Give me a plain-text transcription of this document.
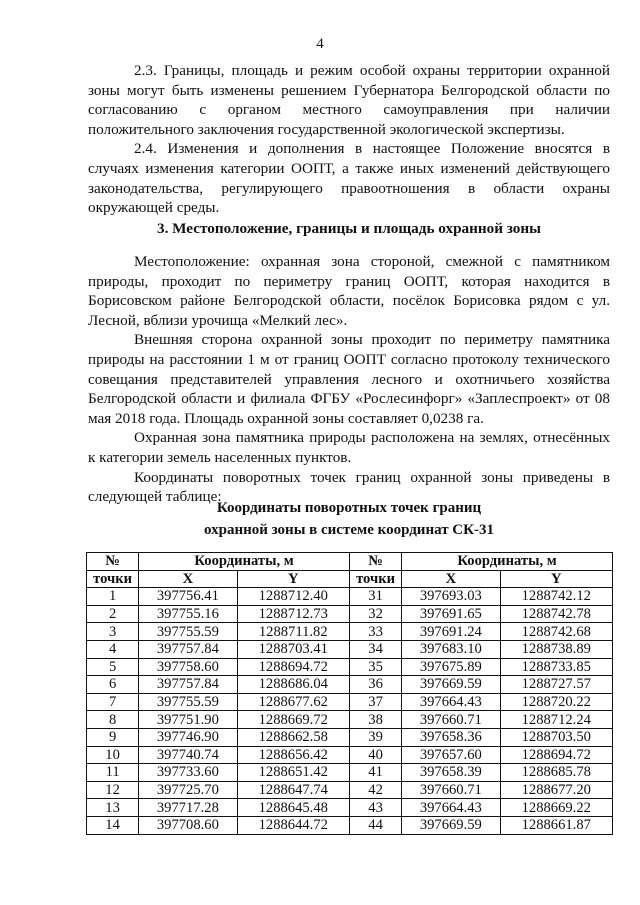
4

2.3. Границы, площадь и режим особой охраны территории охранной зоны могут быть изменены решением Губернатора Белгородской области по согласованию с органом местного самоуправления при наличии положительного заключения государственной экологической экспертизы.

2.4. Изменения и дополнения в настоящее Положение вносятся в случаях изменения категории ООПТ, а также иных изменений действующего законодательства, регулирующего правоотношения в области охраны окружающей среды.

3. Местоположение, границы и площадь охранной зоны

Местоположение: охранная зона стороной, смежной с памятником природы, проходит по периметру границ ООПТ, которая находится в Борисовском районе Белгородской области, посёлок Борисовка рядом с ул. Лесной, вблизи урочища «Мелкий лес».

Внешняя сторона охранной зоны проходит по периметру памятника природы на расстоянии 1 м от границ ООПТ согласно протоколу технического совещания представителей управления лесного и охотничьего хозяйства Белгородской области и филиала ФГБУ «Рослесинфорг» «Заплеспроект» от 08 мая 2018 года. Площадь охранной зоны составляет 0,0238 га.

Охранная зона памятника природы расположена на землях, отнесённых к категории земель населенных пунктов.

Координаты поворотных точек границ охранной зоны приведены в следующей таблице:

Координаты поворотных точек границ
охранной зоны в системе координат СК-31
№	Координаты, м		№	Координаты, м	
точки	X	Y	точки	X	Y
1	397756.41	1288712.40	31	397693.03	1288742.12
2	397755.16	1288712.73	32	397691.65	1288742.78
3	397755.59	1288711.82	33	397691.24	1288742.68
4	397757.84	1288703.41	34	397683.10	1288738.89
5	397758.60	1288694.72	35	397675.89	1288733.85
6	397757.84	1288686.04	36	397669.59	1288727.57
7	397755.59	1288677.62	37	397664.43	1288720.22
8	397751.90	1288669.72	38	397660.71	1288712.24
9	397746.90	1288662.58	39	397658.36	1288703.50
10	397740.74	1288656.42	40	397657.60	1288694.72
11	397733.60	1288651.42	41	397658.39	1288685.78
12	397725.70	1288647.74	42	397660.71	1288677.20
13	397717.28	1288645.48	43	397664.43	1288669.22
14	397708.60	1288644.72	44	397669.59	1288661.87
